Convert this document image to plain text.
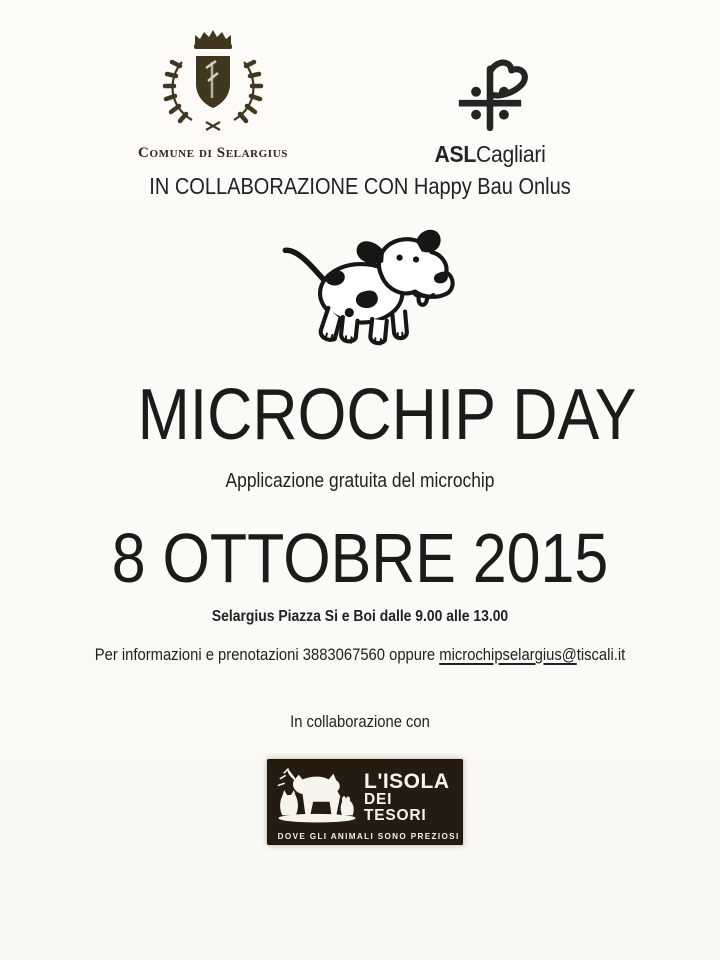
Comune di Selargius	ASLCagliari
IN COLLABORAZIONE CON Happy Bau Onlus
MICROCHIP DAY
Applicazione gratuita del microchip
8 OTTOBRE 2015
Selargius Piazza Si e Boi dalle 9.00 alle 13.00
Per informazioni e prenotazioni 3883067560 oppure microchipselargius@tiscali.it
In collaborazione con
L'ISOLA
DEI TESORI
DOVE GLI ANIMALI SONO PREZIOSI
